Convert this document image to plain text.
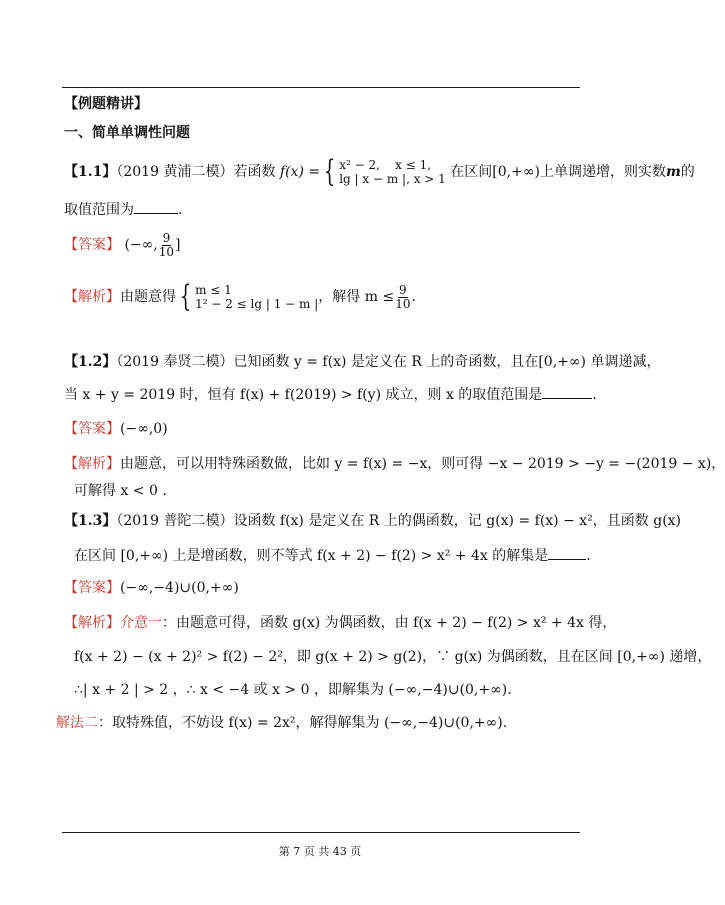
【例题精讲】
一、简单单调性问题
【1.1】（2019 黄浦二模）若函数 f(x) = { x² − 2, x ≤ 1,
lg | x − m |, x > 1 在区间[0,+∞)上单调递增，则实数m的
取值范围为	.
【答案】 (−∞, $\frac{9}{10}$ ]
【解析】由题意得 { m ≤ 1
1² − 2 ≤ lg | 1 − m | ，解得 $m \le \frac{9}{10}$ .
【1.2】（2019 奉贤二模）已知函数 y = f(x) 是定义在 R 上的奇函数，且在[0,+∞) 单调递减，
当 x + y = 2019 时，恒有 f(x) + f(2019) > f(y) 成立，则 x 的取值范围是	.
【答案】(−∞,0)
【解析】由题意，可以用特殊函数做，比如 y = f(x) = −x，则可得 −x − 2019 > −y = −(2019 − x)，
可解得 x < 0 .
【1.3】（2019 普陀二模）设函数 f(x) 是定义在 R 上的偶函数，记 g(x) = f(x) − x²，且函数 g(x)
在区间 [0,+∞) 上是增函数，则不等式 f(x + 2) − f(2) > x² + 4x 的解集是	.
【答案】(−∞,−4)∪(0,+∞)
【解析】介意一：由题意可得，函数 g(x) 为偶函数，由 f(x + 2) − f(2) > x² + 4x 得，
f(x + 2) − (x + 2)² > f(2) − 2²，即 g(x + 2) > g(2)，∵ g(x) 为偶函数，且在区间 [0,+∞) 递增，
∴| x + 2 | > 2 ，∴ x < −4 或 x > 0 ，即解集为 (−∞,−4)∪(0,+∞).
解法二：取特殊值，不妨设 f(x) = 2x²，解得解集为 (−∞,−4)∪(0,+∞).
第 7 页 共 43 页
